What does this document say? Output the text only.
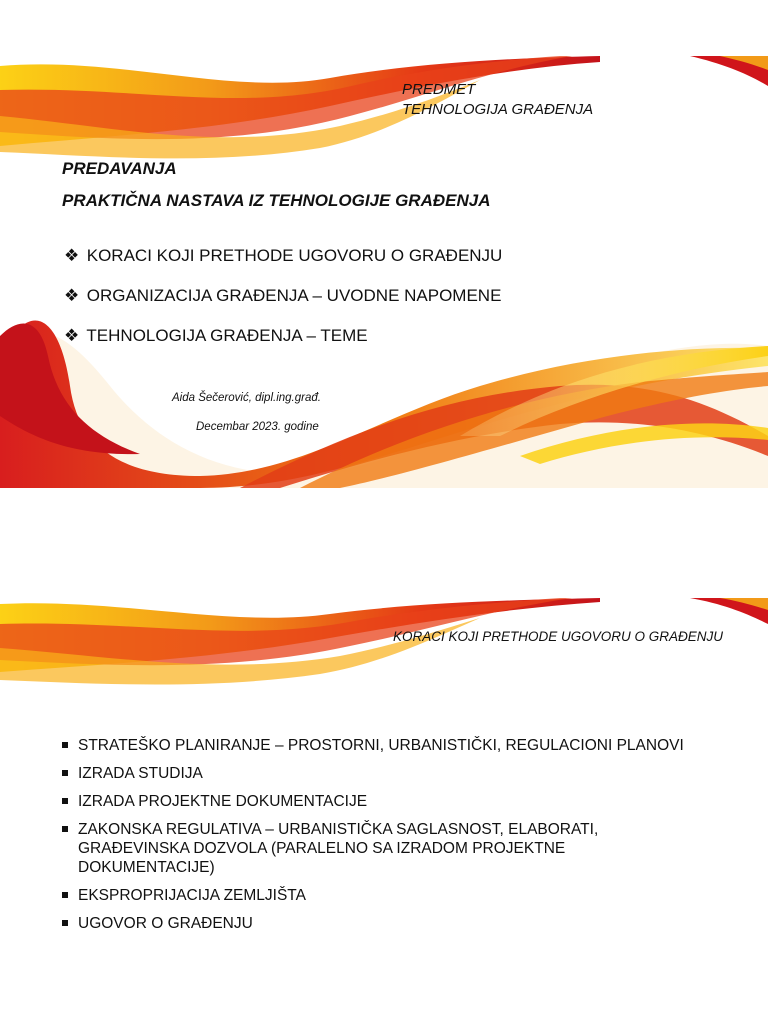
PREDMET
TEHNOLOGIJA GRAĐENJA
PREDAVANJA
PRAKTIČNA NASTAVA IZ TEHNOLOGIJE GRAĐENJA
❖ KORACI KOJI PRETHODE UGOVORU O GRAĐENJU
❖ ORGANIZACIJA GRAĐENJA – UVODNE NAPOMENE
❖ TEHNOLOGIJA GRAĐENJA – TEME
Aida Šečerović, dipl.ing.građ.
Decembar 2023. godine
KORACI KOJI PRETHODE UGOVORU O GRAĐENJU
STRATEŠKO PLANIRANJE – PROSTORNI, URBANISTIČKI, REGULACIONI PLANOVI
IZRADA STUDIJA
IZRADA PROJEKTNE DOKUMENTACIJE
ZAKONSKA REGULATIVA – URBANISTIČKA SAGLASNOST, ELABORATI, GRAĐEVINSKA DOZVOLA (PARALELNO SA IZRADOM PROJEKTNE DOKUMENTACIJE)
EKSPROPRIJACIJA ZEMLJIŠTA
UGOVOR O GRAĐENJU
